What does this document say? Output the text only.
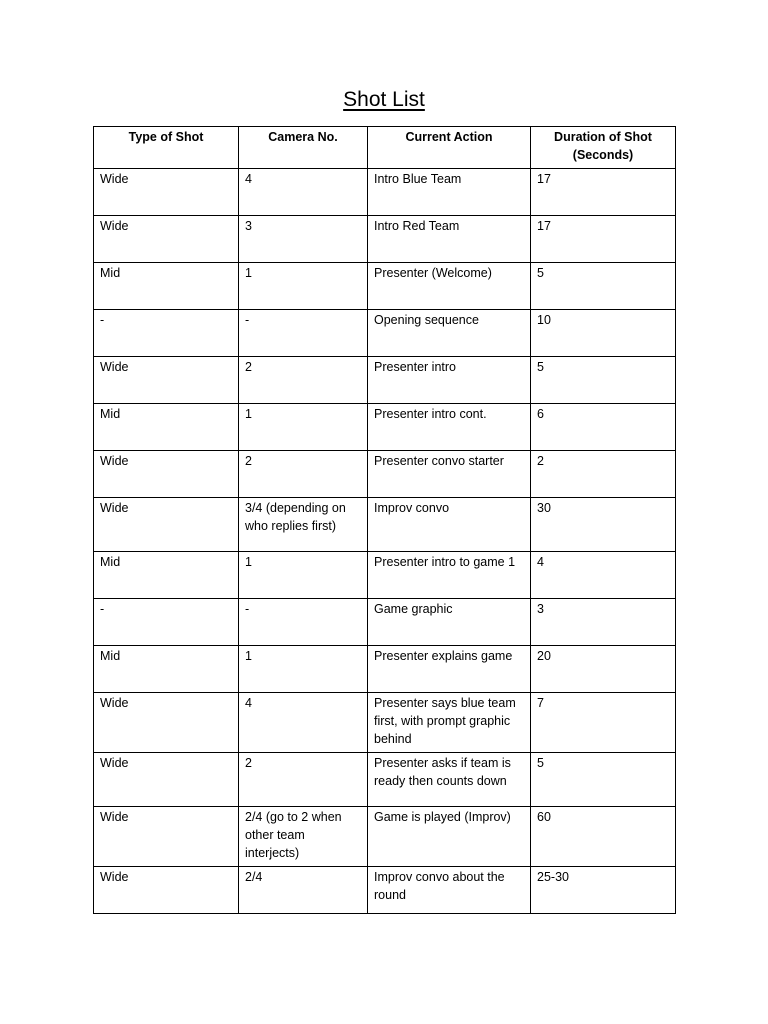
Shot List
Type of Shot	Camera No.	Current Action	Duration of Shot (Seconds)
Wide	4	Intro Blue Team	17
Wide	3	Intro Red Team	17
Mid	1	Presenter (Welcome)	5
-	-	Opening sequence	10
Wide	2	Presenter intro	5
Mid	1	Presenter intro cont.	6
Wide	2	Presenter convo starter	2
Wide	3/4 (depending on who replies first)	Improv convo	30
Mid	1	Presenter intro to game 1	4
-	-	Game graphic	3
Mid	1	Presenter explains game	20
Wide	4	Presenter says blue team first, with prompt graphic behind	7
Wide	2	Presenter asks if team is ready then counts down	5
Wide	2/4 (go to 2 when other team interjects)	Game is played (Improv)	60
Wide	2/4	Improv convo about the round	25-30
